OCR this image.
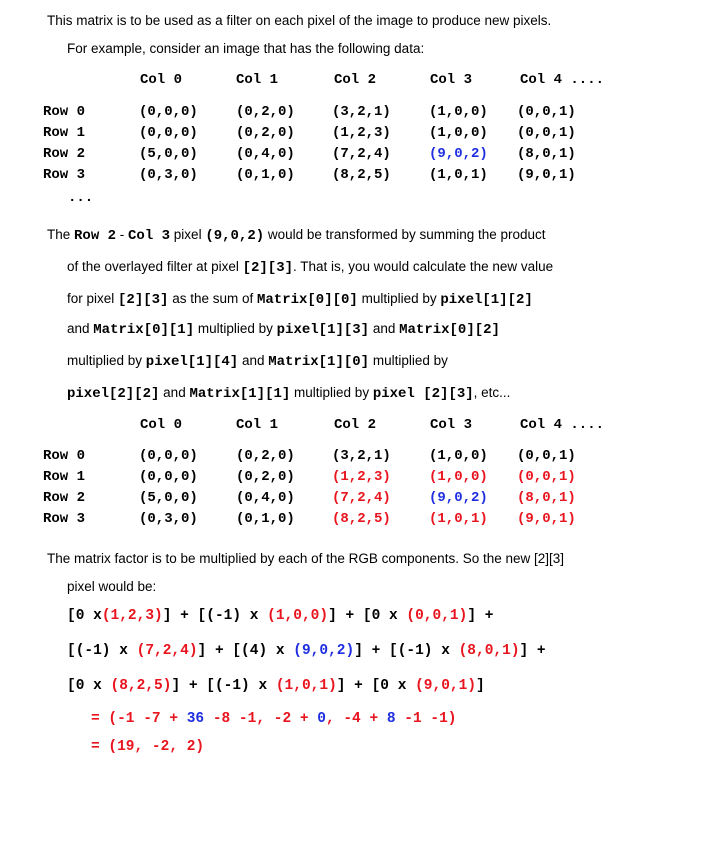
This matrix is to be used as a filter on each pixel of the image to produce new pixels.
For example, consider an image that has the following data:
Col 0	Col 1	Col 2	Col 3	Col 4 ....
Row 0	(0,0,0)	(0,2,0)	(3,2,1)	(1,0,0)	(0,0,1)
Row 1	(0,0,0)	(0,2,0)	(1,2,3)	(1,0,0)	(0,0,1)
Row 2	(5,0,0)	(0,4,0)	(7,2,4)	(9,0,2)	(8,0,1)
Row 3	(0,3,0)	(0,1,0)	(8,2,5)	(1,0,1)	(9,0,1)
...
The Row 2 - Col 3 pixel (9,0,2) would be transformed by summing the product
of the overlayed filter at pixel [2][3]. That is, you would calculate the new value
for pixel [2][3] as the sum of Matrix[0][0] multiplied by pixel[1][2]
and Matrix[0][1] multiplied by pixel[1][3] and Matrix[0][2]
multiplied by pixel[1][4] and Matrix[1][0] multiplied by
pixel[2][2] and Matrix[1][1] multiplied by pixel [2][3], etc...
Col 0	Col 1	Col 2	Col 3	Col 4 ....
Row 0	(0,0,0)	(0,2,0)	(3,2,1)	(1,0,0)	(0,0,1)
Row 1	(0,0,0)	(0,2,0)	(1,2,3)	(1,0,0)	(0,0,1)
Row 2	(5,0,0)	(0,4,0)	(7,2,4)	(9,0,2)	(8,0,1)
Row 3	(0,3,0)	(0,1,0)	(8,2,5)	(1,0,1)	(9,0,1)
The matrix factor is to be multiplied by each of the RGB components. So the new [2][3]
pixel would be:
[0 x(1,2,3)] + [(-1) x (1,0,0)] + [0 x (0,0,1)] +
[(-1) x (7,2,4)] + [(4) x (9,0,2)] + [(-1) x (8,0,1)] +
[0 x (8,2,5)] + [(-1) x (1,0,1)] + [0 x (9,0,1)]
= (-1 -7 + 36 -8 -1, -2 + 0, -4 + 8 -1 -1)
= (19, -2, 2)
